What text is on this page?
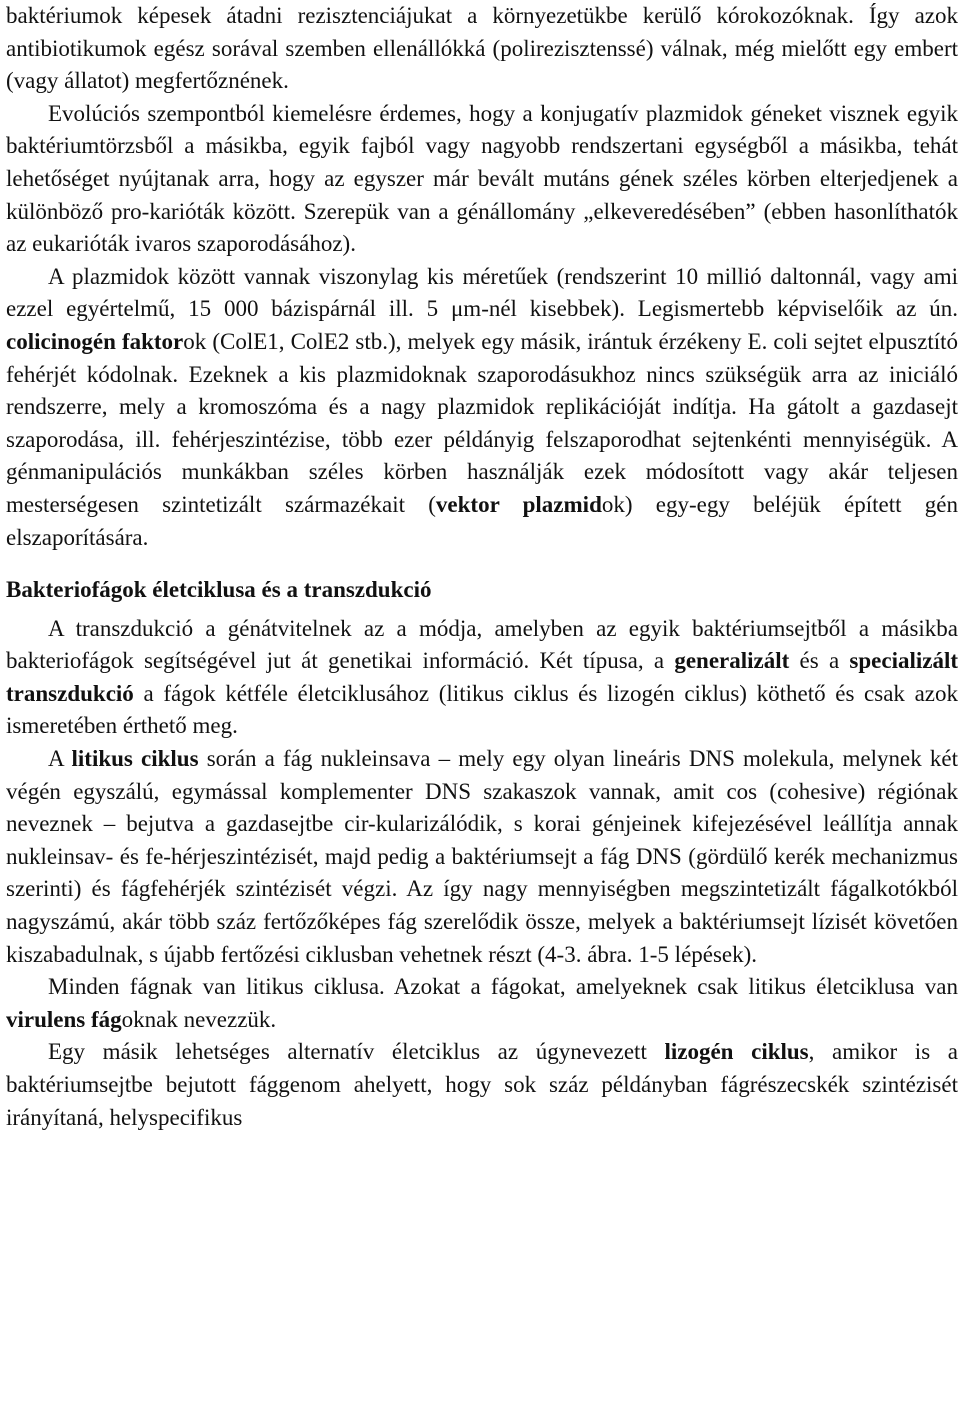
baktériumok képesek átadni rezisztenciájukat a környezetükbe kerülő kórokozóknak. Így azok antibiotikumok egész sorával szemben ellenállókká (polirezisztenssé) válnak, még mielőtt egy embert (vagy állatot) megfertőznének.

Evolúciós szempontból kiemelésre érdemes, hogy a konjugatív plazmidok géneket visznek egyik baktériumtörzsből a másikba, egyik fajból vagy nagyobb rendszertani egységből a másikba, tehát lehetőséget nyújtanak arra, hogy az egyszer már bevált mutáns gének széles körben elterjedjenek a különböző pro-karióták között. Szerepük van a génállomány „elkeveredésében” (ebben hasonlíthatók az eukarióták ivaros szaporodásához).

A plazmidok között vannak viszonylag kis méretűek (rendszerint 10 millió daltonnál, vagy ami ezzel egyértelmű, 15 000 bázispárnál ill. 5 μm-nél kisebbek). Legismertebb képviselőik az ún. colicinogén faktorok (ColE1, ColE2 stb.), melyek egy másik, irántuk érzékeny E. coli sejtet elpusztító fehérjét kódolnak. Ezeknek a kis plazmidoknak szaporodásukhoz nincs szükségük arra az iniciáló rendszerre, mely a kromoszóma és a nagy plazmidok replikációját indítja. Ha gátolt a gazdasejt szaporodása, ill. fehérjeszintézise, több ezer példányig felszaporodhat sejtenkénti mennyiségük. A génmanipulációs munkákban széles körben használják ezek módosított vagy akár teljesen mesterségesen szintetizált származékait (vektor plazmidok) egy-egy beléjük épített gén elszaporítására.

Bakteriofágok életciklusa és a transzdukció

A transzdukció a génátvitelnek az a módja, amelyben az egyik baktériumsejtből a másikba bakteriofágok segítségével jut át genetikai információ. Két típusa, a generalizált és a specializált transzdukció a fágok kétféle életciklusához (litikus ciklus és lizogén ciklus) köthető és csak azok ismeretében érthető meg.

A litikus ciklus során a fág nukleinsava – mely egy olyan lineáris DNS molekula, melynek két végén egyszálú, egymással komplementer DNS szakaszok vannak, amit cos (cohesive) régiónak neveznek – bejutva a gazdasejtbe cir-kularizálódik, s korai génjeinek kifejezésével leállítja annak nukleinsav- és fe-hérjeszintézisét, majd pedig a baktériumsejt a fág DNS (gördülő kerék mechanizmus szerinti) és fágfehérjék szintézisét végzi. Az így nagy mennyiségben megszintetizált fágalkotókból nagyszámú, akár több száz fertőzőképes fág szerelődik össze, melyek a baktériumsejt lízisét követően kiszabadulnak, s újabb fertőzési ciklusban vehetnek részt (4-3. ábra. 1-5 lépések).

Minden fágnak van litikus ciklusa. Azokat a fágokat, amelyeknek csak litikus életciklusa van virulens fágoknak nevezzük.

Egy másik lehetséges alternatív életciklus az úgynevezett lizogén ciklus, amikor is a baktériumsejtbe bejutott fággenom ahelyett, hogy sok száz példányban fágrészecskék szintézisét irányítaná, helyspecifikus
